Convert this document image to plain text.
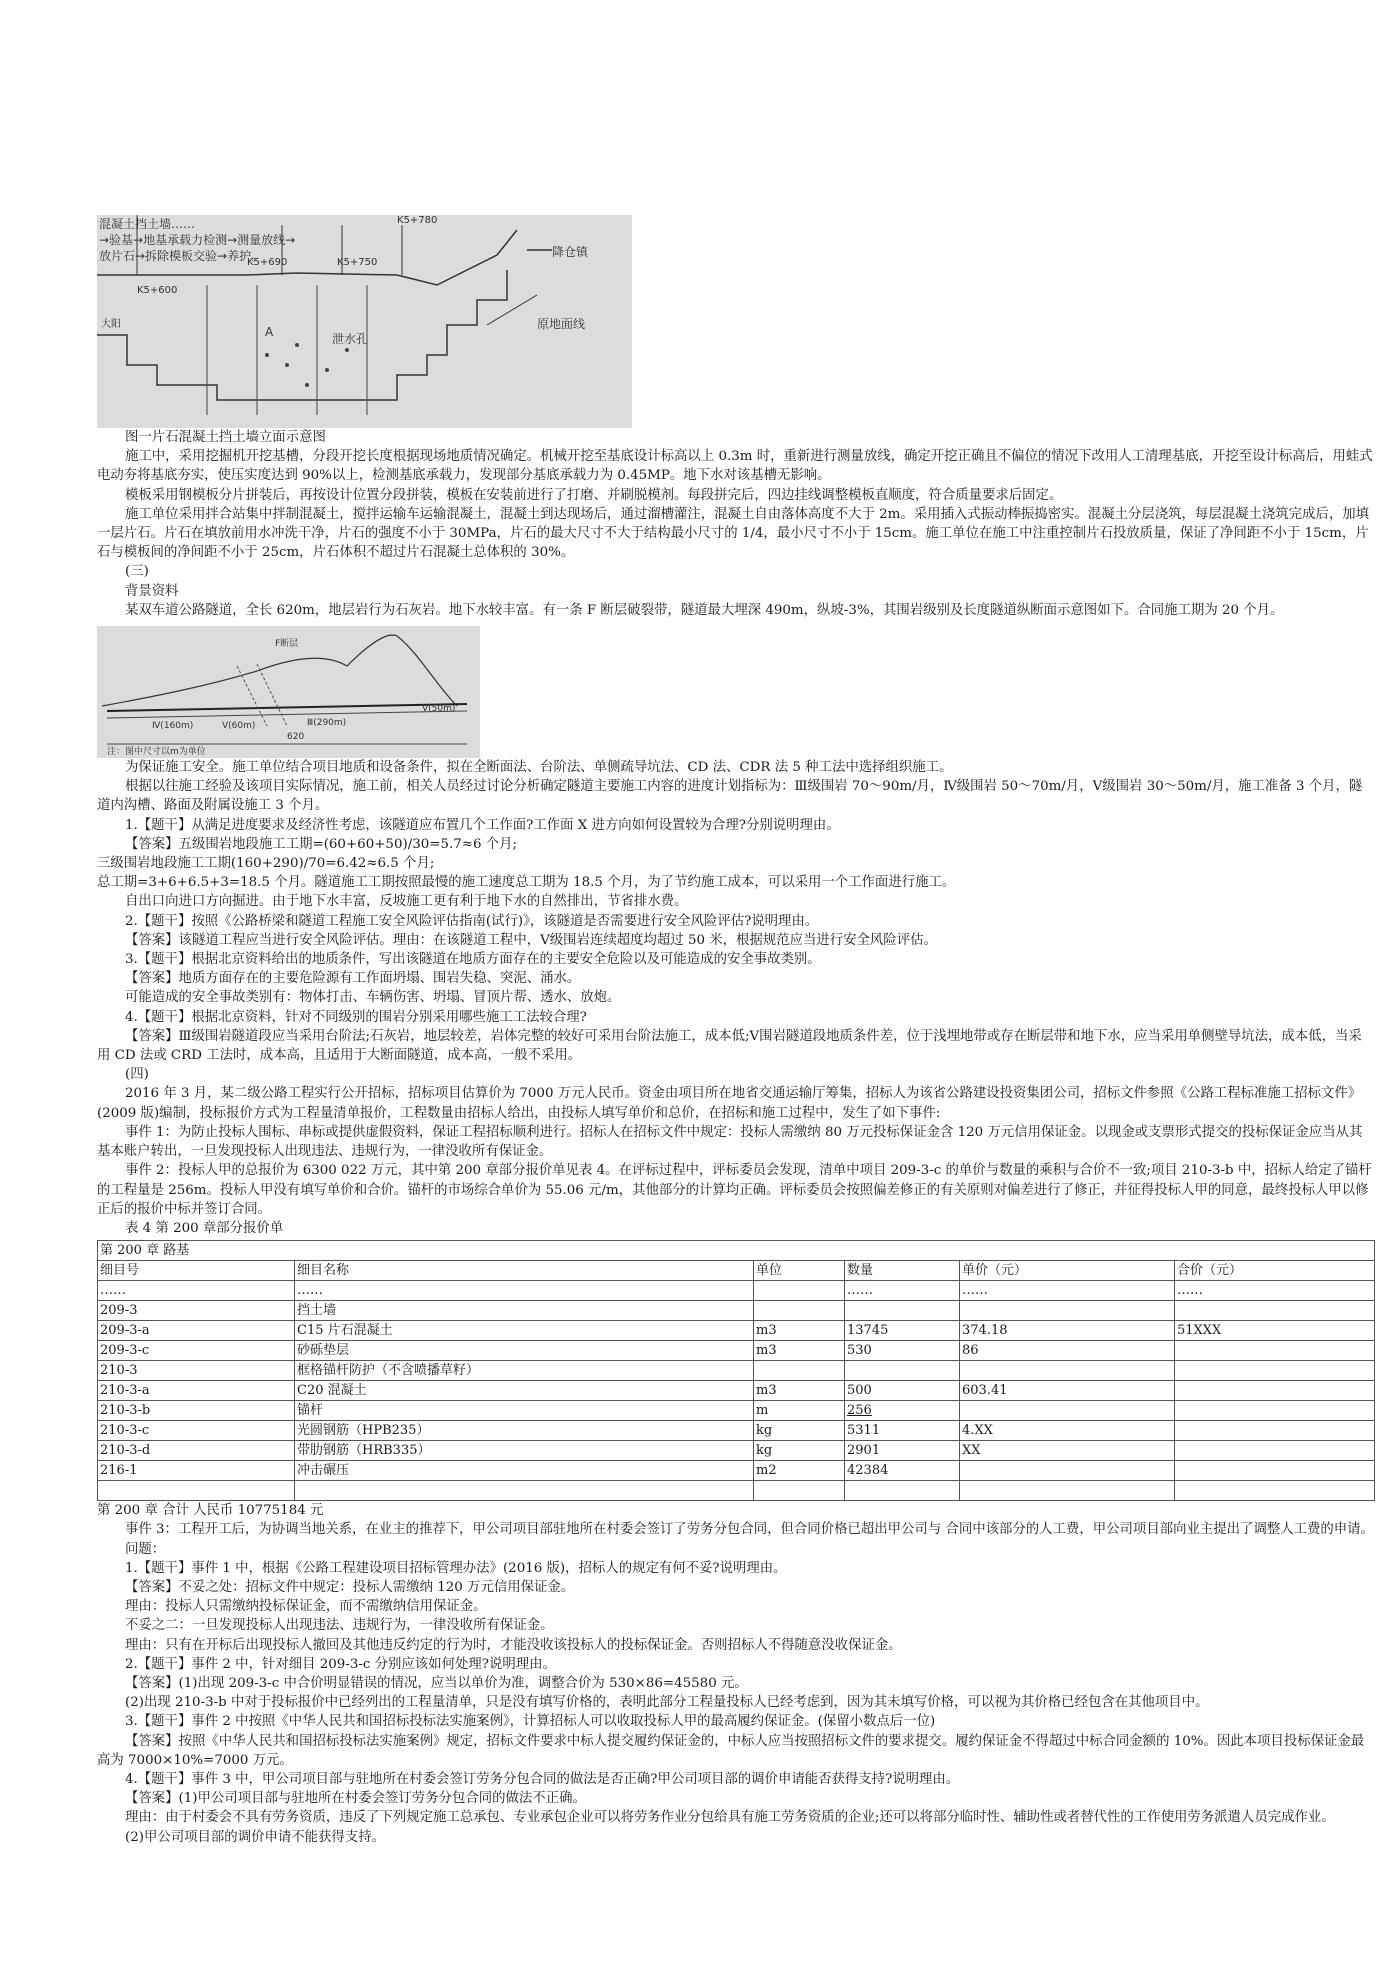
混凝土挡土墙……
→验基→地基承载力检测→测量放线→
放片石→拆除模板交验→养护。
K5+600
K5+690	K5+750
K5+780
降仓镇
大阳
A	泄水孔
原地面线

图一片石混凝土挡土墙立面示意图

施工中，采用挖掘机开挖基槽，分段开挖长度根据现场地质情况确定。机械开挖至基底设计标高以上 0.3m 时，重新进行测量放线，确定开挖正确且不偏位的情况下改用人工清理基底，开挖至设计标高后，用蛙式电动夯将基底夯实，使压实度达到 90%以上，检测基底承载力，发现部分基底承载力为 0.45MP。地下水对该基槽无影响。

模板采用钢模板分片拼装后，再按设计位置分段拼装，模板在安装前进行了打磨、并刷脱模剂。每段拼完后，四边挂线调整模板直顺度，符合质量要求后固定。

施工单位采用拌合站集中拌制混凝土，搅拌运输车运输混凝土，混凝土到达现场后，通过溜槽灌注，混凝土自由落体高度不大于 2m。采用插入式振动棒振捣密实。混凝土分层浇筑，每层混凝土浇筑完成后，加填一层片石。片石在填放前用水冲洗干净，片石的强度不小于 30MPa，片石的最大尺寸不大于结构最小尺寸的 1/4，最小尺寸不小于 15cm。施工单位在施工中注重控制片石投放质量，保证了净间距不小于 15cm，片石与模板间的净间距不小于 25cm，片石体积不超过片石混凝土总体积的 30%。

(三)

背景资料

某双车道公路隧道，全长 620m，地层岩行为石灰岩。地下水较丰富。有一条 F 断层破裂带，隧道最大埋深 490m，纵坡-3%，其围岩级别及长度隧道纵断面示意图如下。合同施工期为 20 个月。

F断层
Ⅳ(160m)	Ⅴ(60m)	Ⅲ(290m)
Ⅴ(50m)
620
注：图中尺寸以m为单位

为保证施工安全。施工单位结合项目地质和设备条件，拟在全断面法、台阶法、单侧疏导坑法、CD 法、CDR 法 5 种工法中选择组织施工。

根据以往施工经验及该项目实际情况，施工前，相关人员经过讨论分析确定隧道主要施工内容的进度计划指标为：Ⅲ级围岩 70～90m/月，Ⅳ级围岩 50～70m/月，Ⅴ级围岩 30～50m/月，施工准备 3 个月，隧道内沟槽、路面及附属设施工 3 个月。

1.【题干】从满足进度要求及经济性考虑，该隧道应布置几个工作面?工作面 X 进方向如何设置较为合理?分别说明理由。

【答案】五级围岩地段施工工期=(60+60+50)/30=5.7≈6 个月;

三级围岩地段施工工期(160+290)/70=6.42≈6.5 个月;

总工期=3+6+6.5+3=18.5 个月。隧道施工工期按照最慢的施工速度总工期为 18.5 个月，为了节约施工成本，可以采用一个工作面进行施工。

自出口向进口方向掘进。由于地下水丰富，反坡施工更有利于地下水的自然排出，节省排水费。

2.【题干】按照《公路桥梁和隧道工程施工安全风险评估指南(试行)》，该隧道是否需要进行安全风险评估?说明理由。

【答案】该隧道工程应当进行安全风险评估。理由：在该隧道工程中，Ⅴ级围岩连续超度均超过 50 米，根据规范应当进行安全风险评估。

3.【题干】根据北京资料给出的地质条件，写出该隧道在地质方面存在的主要安全危险以及可能造成的安全事故类别。

【答案】地质方面存在的主要危险源有工作面坍塌、围岩失稳、突泥、涌水。

可能造成的安全事故类别有：物体打击、车辆伤害、坍塌、冒顶片帮、透水、放炮。

4.【题干】根据北京资料，针对不同级别的围岩分别采用哪些施工工法较合理?

【答案】Ⅲ级围岩隧道段应当采用台阶法;石灰岩，地层较差，岩体完整的较好可采用台阶法施工，成本低;Ⅴ围岩隧道段地质条件差，位于浅埋地带或存在断层带和地下水，应当采用单侧壁导坑法，成本低，当采用 CD 法或 CRD 工法时，成本高，且适用于大断面隧道，成本高，一般不采用。

(四)

2016 年 3 月，某二级公路工程实行公开招标，招标项目估算价为 7000 万元人民币。资金由项目所在地省交通运输厅筹集，招标人为该省公路建设投资集团公司，招标文件参照《公路工程标准施工招标文件》(2009 版)编制，投标报价方式为工程量清单报价，工程数量由招标人给出，由投标人填写单价和总价，在招标和施工过程中，发生了如下事件:

事件 1：为防止投标人围标、串标或提供虚假资料，保证工程招标顺利进行。招标人在招标文件中规定：投标人需缴纳 80 万元投标保证金含 120 万元信用保证金。以现金或支票形式提交的投标保证金应当从其基本账户转出，一旦发现投标人出现违法、违规行为，一律没收所有保证金。

事件 2：投标人甲的总报价为 6300 022 万元，其中第 200 章部分报价单见表 4。在评标过程中，评标委员会发现，清单中项目 209-3-c 的单价与数量的乘积与合价不一致;项目 210-3-b 中，招标人给定了锚杆的工程量是 256m。投标人甲没有填写单价和合价。锚杆的市场综合单价为 55.06 元/m，其他部分的计算均正确。评标委员会按照偏差修正的有关原则对偏差进行了修正，并征得投标人甲的同意，最终投标人甲以修正后的报价中标并签订合同。

表 4 第 200 章部分报价单

第 200 章 路基					
细目号	细目名称	单位	数量	单价（元）	合价（元）
……	……		……	……	……
209-3	挡土墙				
209-3-a	C15 片石混凝土	m3	13745	374.18	51XXX
209-3-c	砂砾垫层	m3	530	86	
210-3	框格锚杆防护（不含喷播草籽）				
210-3-a	C20 混凝土	m3	500	603.41	
210-3-b	锚杆	m	256		
210-3-c	光圆钢筋（HPB235）	kg	5311	4.XX	
210-3-d	带肋钢筋（HRB335）	kg	2901	XX	
216-1	冲击碾压	m2	42384		

第 200 章 合计 人民币 10775184 元

事件 3：工程开工后，为协调当地关系，在业主的推荐下，甲公司项目部驻地所在村委会签订了劳务分包合同，但合同价格已超出甲公司与 合同中该部分的人工费，甲公司项目部向业主提出了调整人工费的申请。

问题：

1.【题干】事件 1 中，根据《公路工程建设项目招标管理办法》(2016 版)，招标人的规定有何不妥?说明理由。

【答案】不妥之处：招标文件中规定：投标人需缴纳 120 万元信用保证金。

理由：投标人只需缴纳投标保证金，而不需缴纳信用保证金。

不妥之二：一旦发现投标人出现违法、违规行为，一律没收所有保证金。

理由：只有在开标后出现投标人撤回及其他违反约定的行为时，才能没收该投标人的投标保证金。否则招标人不得随意没收保证金。

2.【题干】事件 2 中，针对细目 209-3-c 分别应该如何处理?说明理由。

【答案】(1)出现 209-3-c 中合价明显错误的情况，应当以单价为准，调整合价为 530×86=45580 元。

(2)出现 210-3-b 中对于投标报价中已经列出的工程量清单，只是没有填写价格的，表明此部分工程量投标人已经考虑到，因为其未填写价格，可以视为其价格已经包含在其他项目中。

3.【题干】事件 2 中按照《中华人民共和国招标投标法实施案例》，计算招标人可以收取投标人甲的最高履约保证金。(保留小数点后一位)

【答案】按照《中华人民共和国招标投标法实施案例》规定，招标文件要求中标人提交履约保证金的，中标人应当按照招标文件的要求提交。履约保证金不得超过中标合同金额的 10%。因此本项目投标保证金最高为 7000×10%=7000 万元。

4.【题干】事件 3 中，甲公司项目部与驻地所在村委会签订劳务分包合同的做法是否正确?甲公司项目部的调价申请能否获得支持?说明理由。

【答案】(1)甲公司项目部与驻地所在村委会签订劳务分包合同的做法不正确。

理由：由于村委会不具有劳务资质，违反了下列规定施工总承包、专业承包企业可以将劳务作业分包给具有施工劳务资质的企业;还可以将部分临时性、辅助性或者替代性的工作使用劳务派遣人员完成作业。

(2)甲公司项目部的调价申请不能获得支持。
